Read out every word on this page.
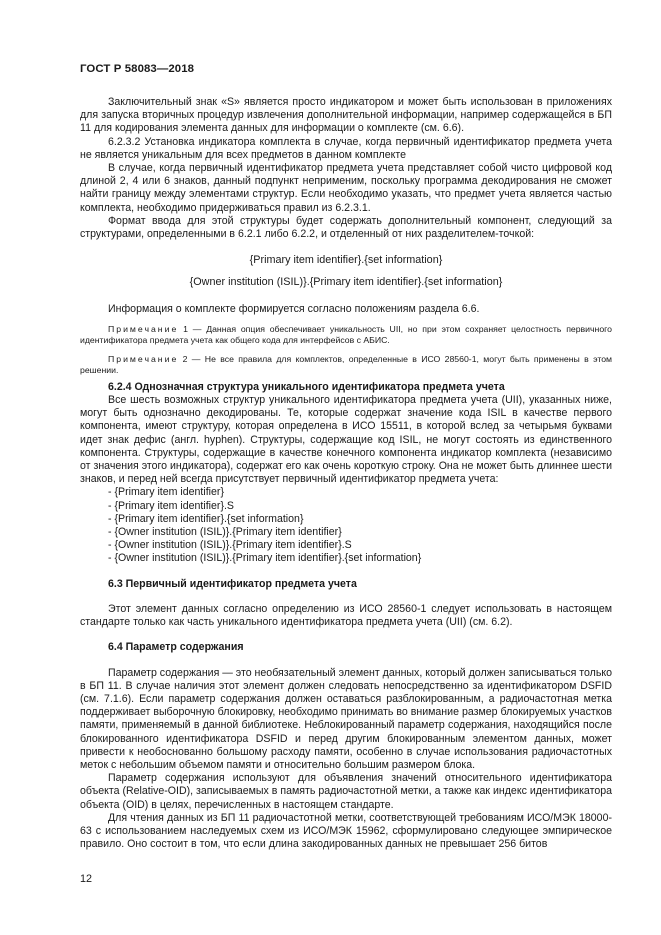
ГОСТ Р 58083—2018

Заключительный знак «S» является просто индикатором и может быть использован в приложениях для запуска вторичных процедур извлечения дополнительной информации, например содержащейся в БП 11 для кодирования элемента данных для информации о комплекте (см. 6.6).

6.2.3.2 Установка индикатора комплекта в случае, когда первичный идентификатор предмета учета не является уникальным для всех предметов в данном комплекте

В случае, когда первичный идентификатор предмета учета представляет собой чисто цифровой код длиной 2, 4 или 6 знаков, данный подпункт неприменим, поскольку программа декодирования не сможет найти границу между элементами структур. Если необходимо указать, что предмет учета является частью комплекта, необходимо придерживаться правил из 6.2.3.1.

Формат ввода для этой структуры будет содержать дополнительный компонент, следующий за структурами, определенными в 6.2.1 либо 6.2.2, и отделенный от них разделителем-точкой:

{Primary item identifier}.{set information}

{Owner institution (ISIL)}.{Primary item identifier}.{set information}

Информация о комплекте формируется согласно положениям раздела 6.6.

Примечание 1 — Данная опция обеспечивает уникальность UII, но при этом сохраняет целостность первичного идентификатора предмета учета как общего кода для интерфейсов с АБИС.

Примечание 2 — Не все правила для комплектов, определенные в ИСО 28560-1, могут быть применены в этом решении.

6.2.4 Однозначная структура уникального идентификатора предмета учета

Все шесть возможных структур уникального идентификатора предмета учета (UII), указанных ниже, могут быть однозначно декодированы. Те, которые содержат значение кода ISIL в качестве первого компонента, имеют структуру, которая определена в ИСО 15511, в которой вслед за четырьмя буквами идет знак дефис (англ. hyphen). Структуры, содержащие код ISIL, не могут состоять из единственного компонента. Структуры, содержащие в качестве конечного компонента индикатор комплекта (независимо от значения этого индикатора), содержат его как очень короткую строку. Она не может быть длиннее шести знаков, и перед ней всегда присутствует первичный идентификатор предмета учета:

- {Primary item identifier}
- {Primary item identifier}.S
- {Primary item identifier}.{set information}
- {Owner institution (ISIL)}.{Primary item identifier}
- {Owner institution (ISIL)}.{Primary item identifier}.S
- {Owner institution (ISIL)}.{Primary item identifier}.{set information}
6.3 Первичный идентификатор предмета учета

Этот элемент данных согласно определению из ИСО 28560-1 следует использовать в настоящем стандарте только как часть уникального идентификатора предмета учета (UII) (см. 6.2).

6.4 Параметр содержания

Параметр содержания — это необязательный элемент данных, который должен записываться только в БП 11. В случае наличия этот элемент должен следовать непосредственно за идентификатором DSFID (см. 7.1.6). Если параметр содержания должен оставаться разблокированным, а радиочастотная метка поддерживает выборочную блокировку, необходимо принимать во внимание размер блокируемых участков памяти, применяемый в данной библиотеке. Неблокированный параметр содержания, находящийся после блокированного идентификатора DSFID и перед другим блокированным элементом данных, может привести к необоснованно большому расходу памяти, особенно в случае использования радиочастотных меток с небольшим объемом памяти и относительно большим размером блока.

Параметр содержания используют для объявления значений относительного идентификатора объекта (Relative-OID), записываемых в память радиочастотной метки, а также как индекс идентификатора объекта (OID) в целях, перечисленных в настоящем стандарте.

Для чтения данных из БП 11 радиочастотной метки, соответствующей требованиям ИСО/МЭК 18000-63 с использованием наследуемых схем из ИСО/МЭК 15962, сформулировано следующее эмпирическое правило. Оно состоит в том, что если длина закодированных данных не превышает 256 битов

12
